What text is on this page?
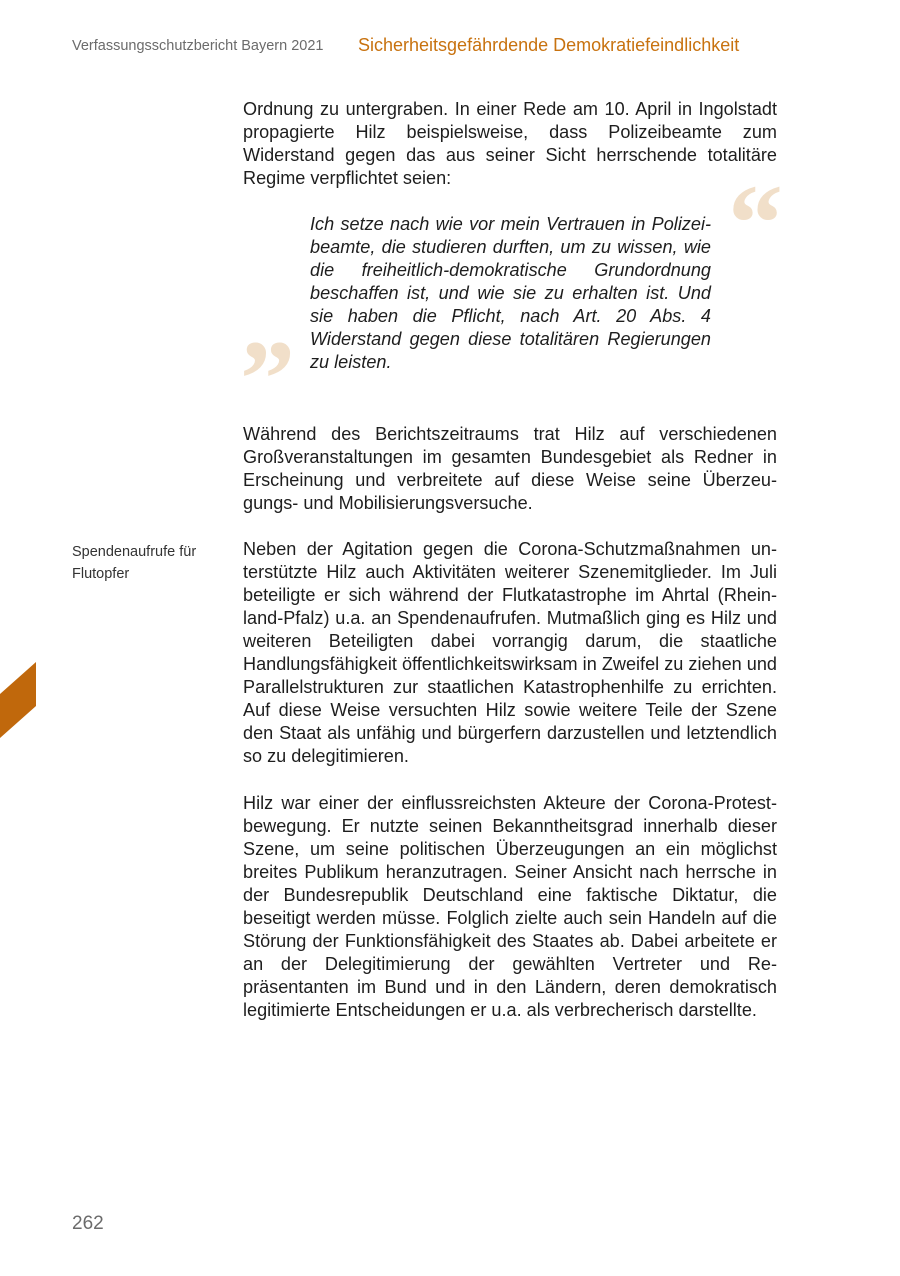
Verfassungsschutzbericht Bayern 2021 Sicherheitsgefährdende Demokratiefeindlichkeit

Ordnung zu untergraben. In einer Rede am 10. April in Ingolstadt propagierte Hilz beispielsweise, dass Polizeibeamte zum Widerstand gegen das aus seiner Sicht herrschende totalitäre Regime verpflichtet seien:	“

Ich setze nach wie vor mein Vertrauen in Polizeibeamte, die studieren durften, um zu wissen, wie die freiheitlich-demokratische Grundordnung beschaffen ist, und wie sie zu erhalten ist. Und sie haben die Pflicht, nach Art. 20 Abs. 4 Widerstand gegen diese totalitären Regierungen zu leisten.

”

Während des Berichtszeitraums trat Hilz auf verschiedenen Großveranstaltungen im gesamten Bundesgebiet als Redner in Erscheinung und verbreitete auf diese Weise seine Überzeugungs- und Mobilisierungsversuche.

Spendenaufrufe für Flutopfer

Neben der Agitation gegen die Corona-Schutzmaßnahmen unterstützte Hilz auch Aktivitäten weiterer Szenemitglieder. Im Juli beteiligte er sich während der Flutkatastrophe im Ahrtal (Rheinland-Pfalz) u.a. an Spendenaufrufen. Mutmaßlich ging es Hilz und weiteren Beteiligten dabei vorrangig darum, die staatliche Handlungsfähigkeit öffentlichkeitswirksam in Zweifel zu ziehen und Parallelstrukturen zur staatlichen Katastrophenhilfe zu errichten. Auf diese Weise versuchten Hilz sowie weitere Teile der Szene den Staat als unfähig und bürgerfern darzustellen und letztendlich so zu delegitimieren.

Hilz war einer der einflussreichsten Akteure der Corona-Protestbewegung. Er nutzte seinen Bekanntheitsgrad innerhalb dieser Szene, um seine politischen Überzeugungen an ein möglichst breites Publikum heranzutragen. Seiner Ansicht nach herrsche in der Bundesrepublik Deutschland eine faktische Diktatur, die beseitigt werden müsse. Folglich zielte auch sein Handeln auf die Störung der Funktionsfähigkeit des Staates ab. Dabei arbeitete er an der Delegitimierung der gewählten Vertreter und Repräsentanten im Bund und in den Ländern, deren demokratisch legitimierte Entscheidungen er u.a. als verbrecherisch darstellte.

262
